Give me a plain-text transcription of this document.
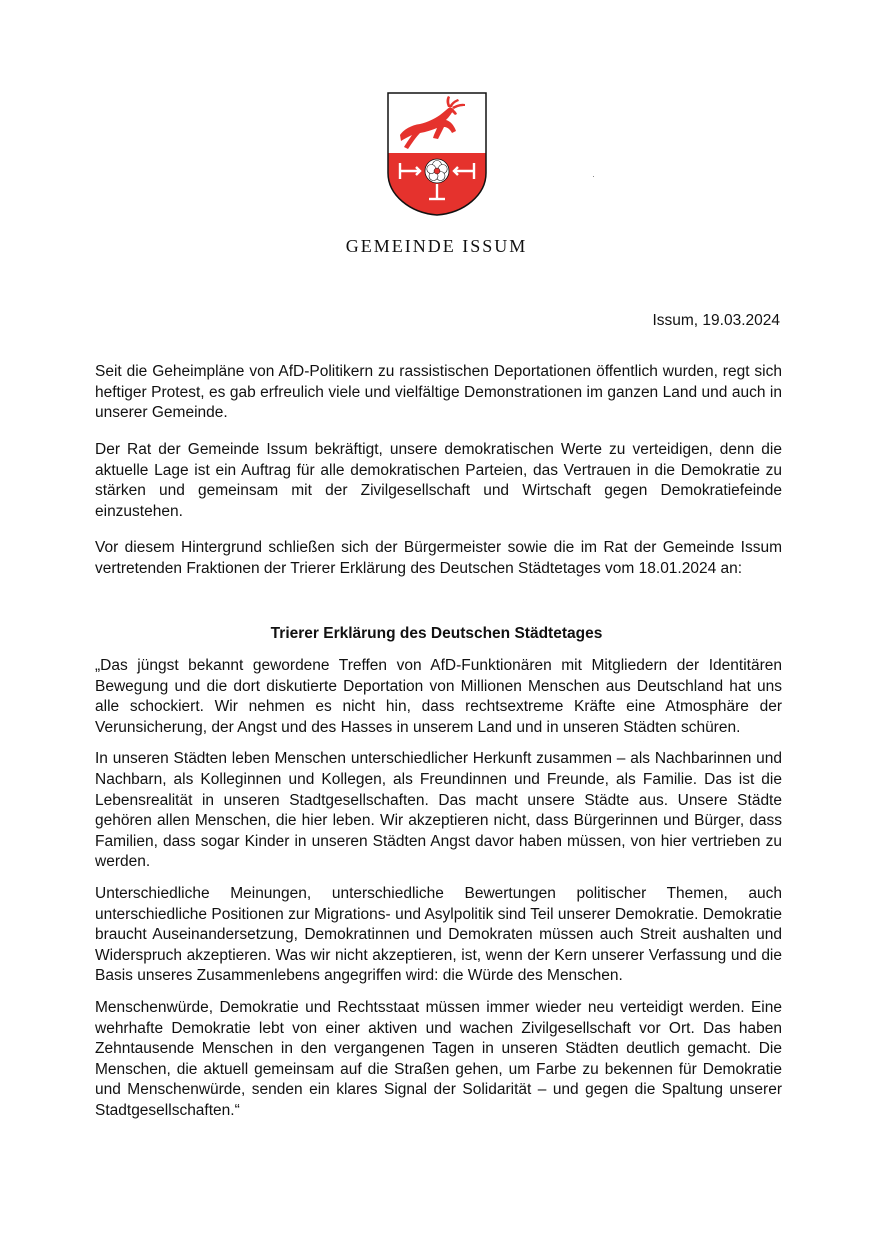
GEMEINDE ISSUM
Issum, 19.03.2024

Seit die Geheimpläne von AfD-Politikern zu rassistischen Deportationen öffentlich wurden, regt sich heftiger Protest, es gab erfreulich viele und vielfältige Demonstrationen im ganzen Land und auch in unserer Gemeinde.

Der Rat der Gemeinde Issum bekräftigt, unsere demokratischen Werte zu verteidigen, denn die aktuelle Lage ist ein Auftrag für alle demokratischen Parteien, das Vertrauen in die Demokratie zu stärken und gemeinsam mit der Zivilgesellschaft und Wirtschaft gegen Demokratiefeinde einzustehen.

Vor diesem Hintergrund schließen sich der Bürgermeister sowie die im Rat der Gemeinde Issum vertretenden Fraktionen der Trierer Erklärung des Deutschen Städtetages vom 18.01.2024 an:

Trierer Erklärung des Deutschen Städtetages

„Das jüngst bekannt gewordene Treffen von AfD-Funktionären mit Mitgliedern der Identitären Bewegung und die dort diskutierte Deportation von Millionen Menschen aus Deutschland hat uns alle schockiert. Wir nehmen es nicht hin, dass rechtsextreme Kräfte eine Atmosphäre der Verunsicherung, der Angst und des Hasses in unserem Land und in unseren Städten schüren.

In unseren Städten leben Menschen unterschiedlicher Herkunft zusammen – als Nachbarinnen und Nachbarn, als Kolleginnen und Kollegen, als Freundinnen und Freunde, als Familie. Das ist die Lebensrealität in unseren Stadtgesellschaften. Das macht unsere Städte aus. Unsere Städte gehören allen Menschen, die hier leben. Wir akzeptieren nicht, dass Bürgerinnen und Bürger, dass Familien, dass sogar Kinder in unseren Städten Angst davor haben müssen, von hier vertrieben zu werden.

Unterschiedliche Meinungen, unterschiedliche Bewertungen politischer Themen, auch unterschiedliche Positionen zur Migrations- und Asylpolitik sind Teil unserer Demokratie. Demokratie braucht Auseinandersetzung, Demokratinnen und Demokraten müssen auch Streit aushalten und Widerspruch akzeptieren. Was wir nicht akzeptieren, ist, wenn der Kern unserer Verfassung und die Basis unseres Zusammenlebens angegriffen wird: die Würde des Menschen.

Menschenwürde, Demokratie und Rechtsstaat müssen immer wieder neu verteidigt werden. Eine wehrhafte Demokratie lebt von einer aktiven und wachen Zivilgesellschaft vor Ort. Das haben Zehntausende Menschen in den vergangenen Tagen in unseren Städten deutlich gemacht. Die Menschen, die aktuell gemeinsam auf die Straßen gehen, um Farbe zu bekennen für Demokratie und Menschenwürde, senden ein klares Signal der Solidarität – und gegen die Spaltung unserer Stadtgesellschaften.“
